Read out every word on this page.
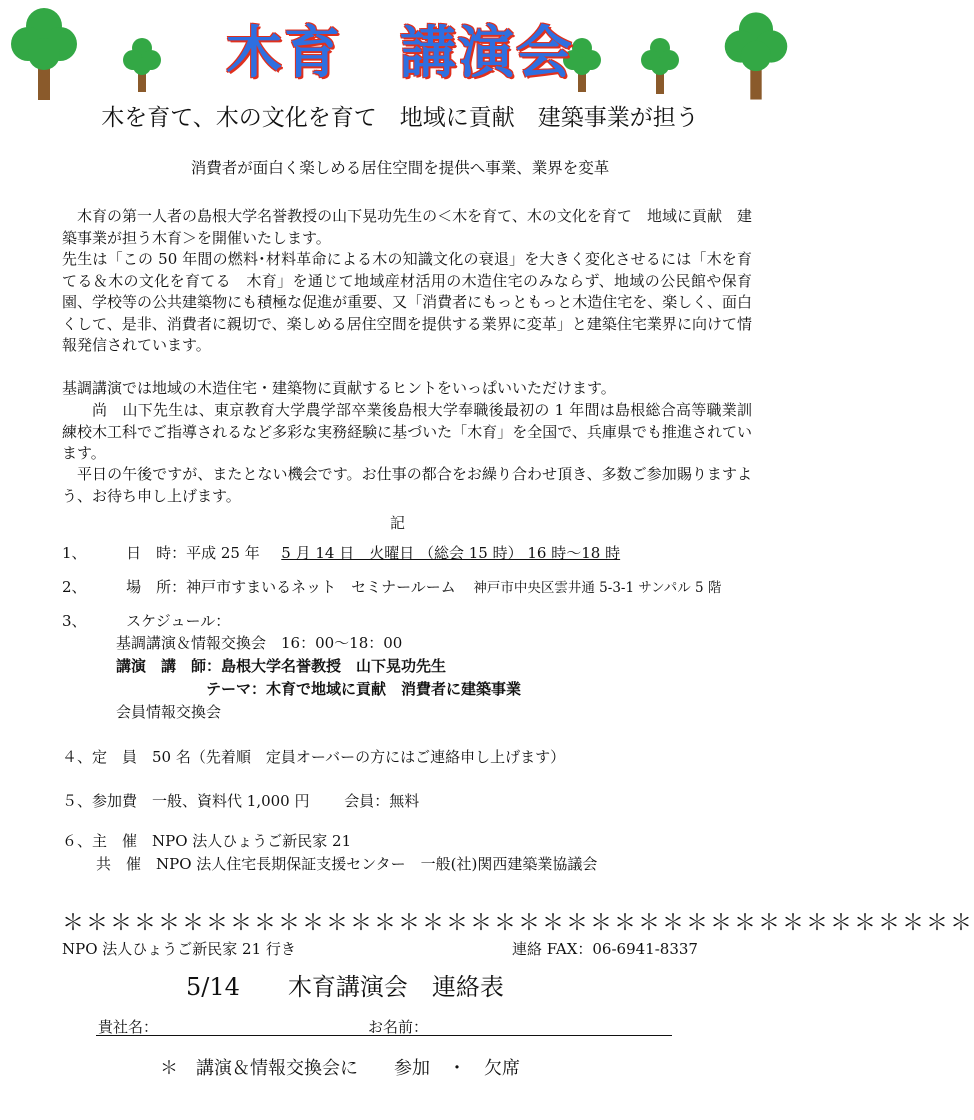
木育　講演会
木を育て、木の文化を育て　地域に貢献　建築事業が担う
消費者が面白く楽しめる居住空間を提供へ事業、業界を変革
木育の第一人者の島根大学名誉教授の山下晃功先生の＜木を育て、木の文化を育て　地域に貢献　建築事業が担う木育＞を開催いたします。
先生は「この 50 年間の燃料･材料革命による木の知識文化の衰退」を大きく変化させるには「木を育てる＆木の文化を育てる　木育」を通じて地域産材活用の木造住宅のみならず、地域の公民館や保育園、学校等の公共建築物にも積極な促進が重要、又「消費者にもっともっと木造住宅を、楽しく、面白くして、是非、消費者に親切で、楽しめる居住空間を提供する業界に変革」と建築住宅業界に向けて情報発信されています。
基調講演では地域の木造住宅・建築物に貢献するヒントをいっぱいいただけます。
尚　山下先生は、東京教育大学農学部卒業後島根大学奉職後最初の 1 年間は島根総合高等職業訓練校木工科でご指導されるなど多彩な実務経験に基づいた「木育」を全国で、兵庫県でも推進されています。
平日の午後ですが、またとない機会です。お仕事の都合をお繰り合わせ頂き、多数ご参加賜りますよう、お待ち申し上げます。
記
1、	日　時：平成 25 年 5 月 14 日　火曜日 （総会 15 時） 16 時～18 時
2、	場　所：神戸市すまいるネット　セミナールーム 神戸市中央区雲井通 5-3-1 サンパル 5 階
3、	スケジュール：
基調講演＆情報交換会　16：00～18：00
講演　講　師：島根大学名誉教授　山下晃功先生
テーマ：木育で地域に貢献　消費者に建築事業
会員情報交換会
４、定　員　50 名（先着順　定員オーバーの方にはご連絡申し上げます）
５、参加費　一般、資料代 1,000 円　　 会員：無料
６、主　催　NPO 法人ひょうご新民家 21
共　催　NPO 法人住宅長期保証支援センター　一般(社)関西建築業協議会
＊＊＊＊＊＊＊＊＊＊＊＊＊＊＊＊＊＊＊＊＊＊＊＊＊＊＊＊＊＊＊＊＊＊＊＊＊＊
NPO 法人ひょうご新民家 21 行き	連絡 FAX：06-6941-8337
5/14　　木育講演会　連絡表
貴社名：	お名前：
＊　講演＆情報交換会に　　参加　・　欠席
